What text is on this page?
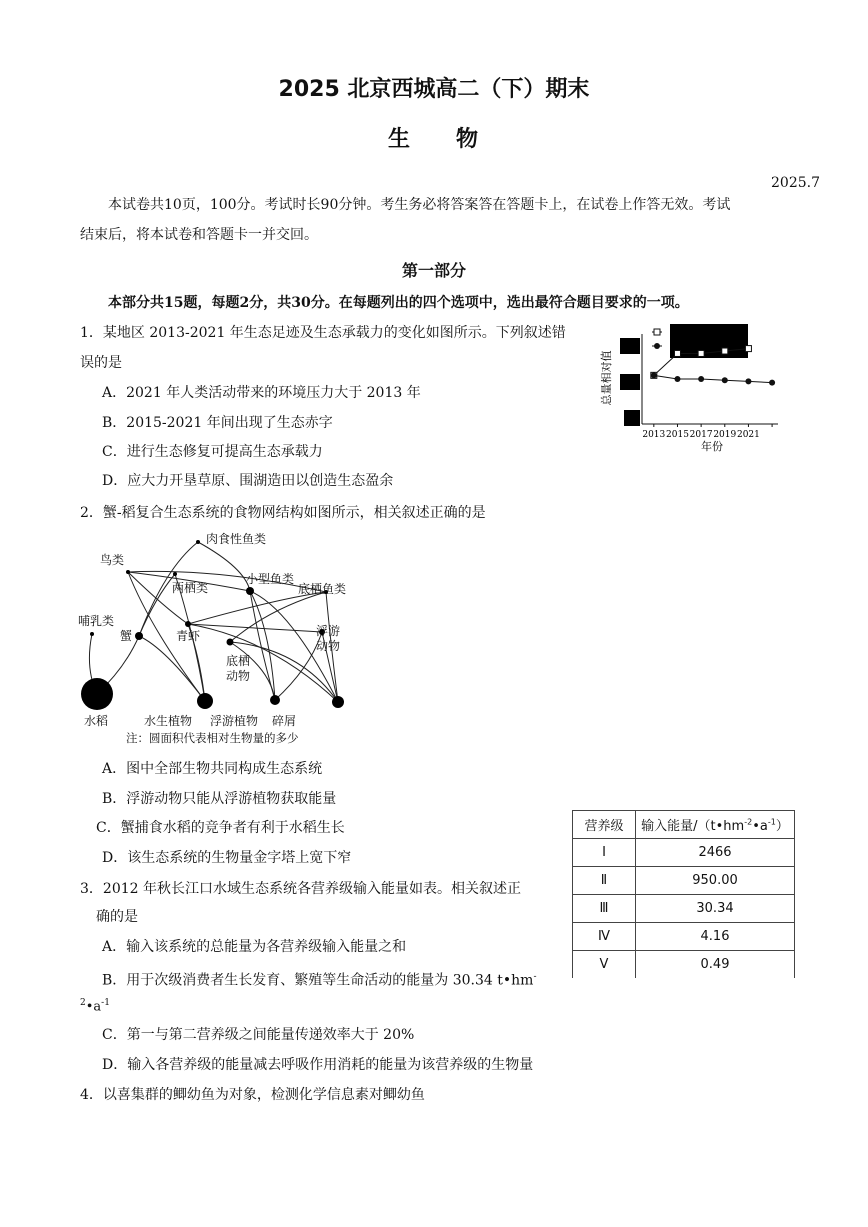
2025 北京西城高二（下）期末
生 物
2025.7
本试卷共10页，100分。考试时长90分钟。考生务必将答案答在答题卡上，在试卷上作答无效。考试
结束后，将本试卷和答题卡一并交回。
第一部分
本部分共15题，每题2分，共30分。在每题列出的四个选项中，选出最符合题目要求的一项。
1．某地区 2013-2021 年生态足迹及生态承载力的变化如图所示。下列叙述错
误的是
A．2021 年人类活动带来的环境压力大于 2013 年
B．2015-2021 年间出现了生态赤字
C．进行生态修复可提高生态承载力
D．应大力开垦草原、围湖造田以创造生态盈余
总量相对值
2013 2015 2017 2019 2021
年份
2．蟹-稻复合生态系统的食物网结构如图所示，相关叙述正确的是
肉食性鱼类
鸟类
两栖类
小型鱼类
底栖鱼类
哺乳类
蟹	青虾	浮游
动物
底栖
动物
水稻	水生植物 浮游植物 碎屑
注：圆面积代表相对生物量的多少
A．图中全部生物共同构成生态系统
B．浮游动物只能从浮游植物获取能量
C．蟹捕食水稻的竞争者有利于水稻生长
D．该生态系统的生物量金字塔上宽下窄
3．2012 年秋长江口水域生态系统各营养级输入能量如表。相关叙述正
确的是
A．输入该系统的总能量为各营养级输入能量之和
B．用于次级消费者生长发育、繁殖等生命活动的能量为 30.34 t•hm-
$^2•a^{-1}$
C．第一与第二营养级之间能量传递效率大于 20%
D．输入各营养级的能量减去呼吸作用消耗的能量为该营养级的生物量
营养级	输入能量$/(t•hm^{-2}•a^{-1})$
Ⅰ	2466
Ⅱ	950.00
Ⅲ	30.34
Ⅳ	4.16
Ⅴ	0.49
4．以喜集群的鲫幼鱼为对象，检测化学信息素对鲫幼鱼
